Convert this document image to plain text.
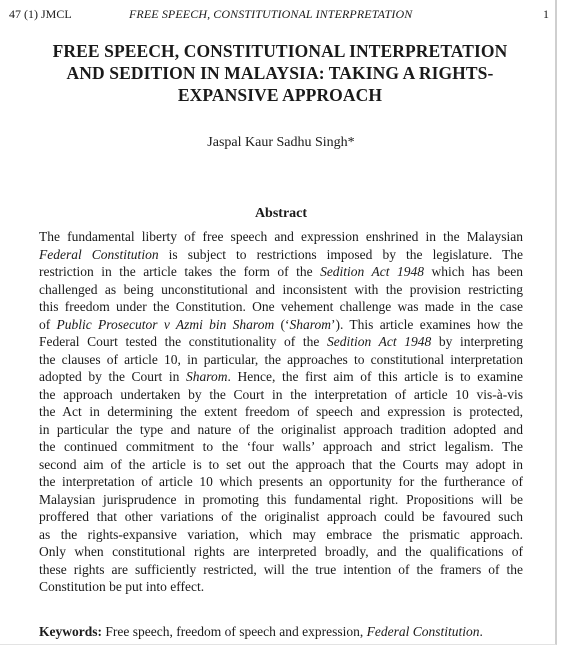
47 (1) JMCL	FREE SPEECH, CONSTITUTIONAL INTERPRETATION	1
FREE SPEECH, CONSTITUTIONAL INTERPRETATION
AND SEDITION IN MALAYSIA: TAKING A RIGHTS-
EXPANSIVE APPROACH
Jaspal Kaur Sadhu Singh*
Abstract
The fundamental liberty of free speech and expression enshrined in the Malaysian
Federal Constitution is subject to restrictions imposed by the legislature. The
restriction in the article takes the form of the Sedition Act 1948 which has been
challenged as being unconstitutional and inconsistent with the provision restricting
this freedom under the Constitution. One vehement challenge was made in the case
of Public Prosecutor v Azmi bin Sharom (‘Sharom’). This article examines how the
Federal Court tested the constitutionality of the Sedition Act 1948 by interpreting
the clauses of article 10, in particular, the approaches to constitutional interpretation
adopted by the Court in Sharom. Hence, the first aim of this article is to examine
the approach undertaken by the Court in the interpretation of article 10 vis-à-vis
the Act in determining the extent freedom of speech and expression is protected,
in particular the type and nature of the originalist approach tradition adopted and
the continued commitment to the ‘four walls’ approach and strict legalism. The
second aim of the article is to set out the approach that the Courts may adopt in
the interpretation of article 10 which presents an opportunity for the furtherance of
Malaysian jurisprudence in promoting this fundamental right. Propositions will be
proffered that other variations of the originalist approach could be favoured such
as the rights-expansive variation, which may embrace the prismatic approach.
Only when constitutional rights are interpreted broadly, and the qualifications of
these rights are sufficiently restricted, will the true intention of the framers of the
Constitution be put into effect.
Keywords: Free speech, freedom of speech and expression, Federal Constitution.
